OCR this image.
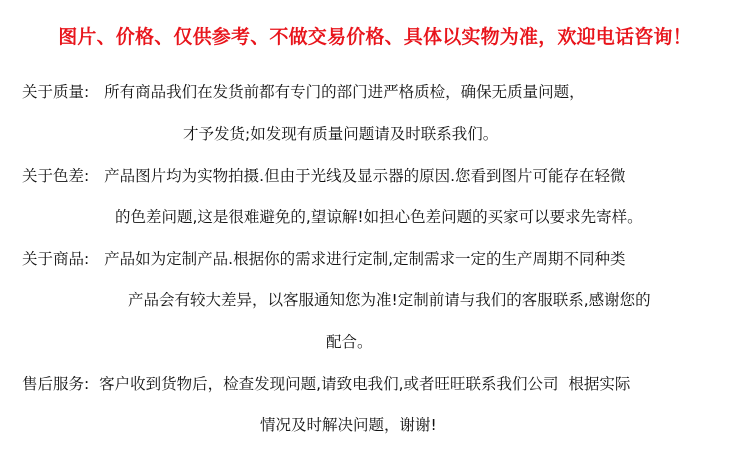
图片、价格、仅供参考、不做交易价格、具体以实物为准，欢迎电话咨询！
关于质量: 所有商品我们在发货前都有专门的部门进严格质检，确保无质量问题，
才予发货;如发现有质量问题请及时联系我们。
关于色差: 产品图片均为实物拍摄.但由于光线及显示器的原因.您看到图片可能存在轻微
的色差问题,这是很难避免的,望谅解!如担心色差问题的买家可以要求先寄样。
关于商品: 产品如为定制产品.根据你的需求进行定制,定制需求一定的生产周期不同种类
产品会有较大差异，以客服通知您为准!定制前请与我们的客服联系,感谢您的
配合。
售后服务: 客户收到货物后，检查发现问题,请致电我们,或者旺旺联系我们公司  根据实际
情况及时解决问题，谢谢!
